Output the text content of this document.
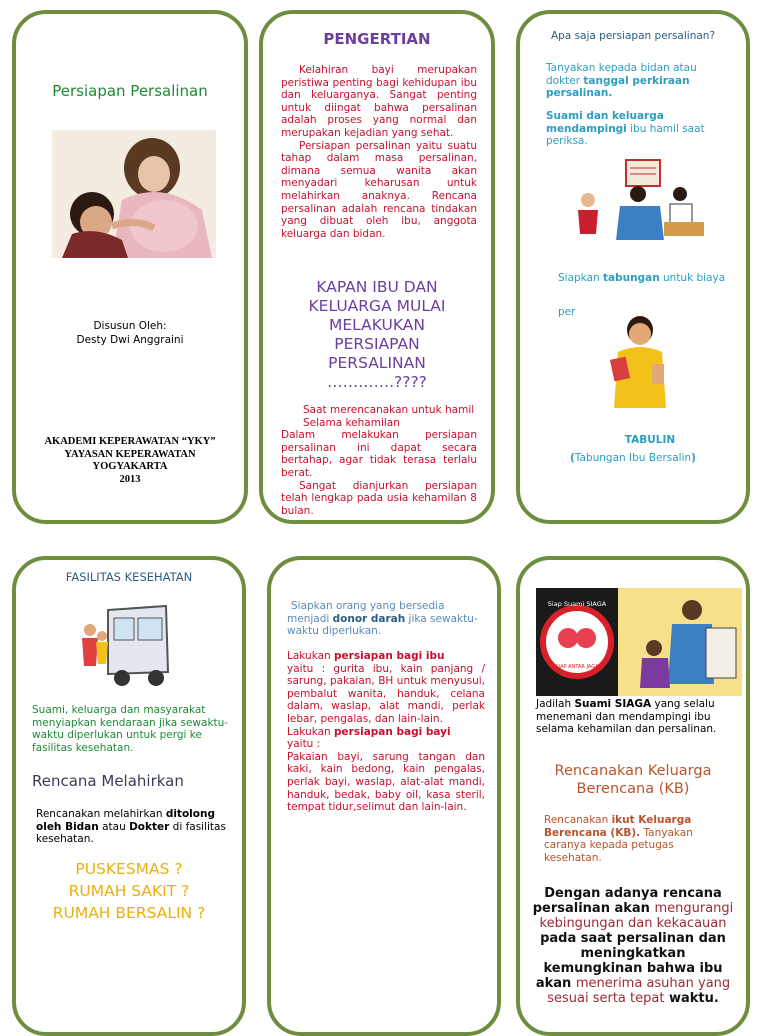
Persiapan Persalinan
Disusun Oleh:
Desty Dwi Anggraini
AKADEMI KEPERAWATAN “YKY”
YAYASAN KEPERAWATAN
YOGYAKARTA
2013
PENGERTIAN

Kelahiran bayi merupakan peristiwa penting bagi kehidupan ibu dan keluarganya. Sangat penting untuk diingat bahwa persalinan adalah proses yang normal dan merupakan kejadian yang sehat.

Persiapan persalinan yaitu suatu tahap dalam masa persalinan, dimana semua wanita akan menyadari keharusan untuk melahirkan anaknya. Rencana persalinan adalah rencana tindakan yang dibuat oleh ibu, anggota keluarga dan bidan.

KAPAN IBU DAN
KELUARGA MULAI
MELAKUKAN
PERSIAPAN
PERSALINAN
………….????

Saat merencanakan untuk hamil

Selama kehamilan

Dalam melakukan persiapan persalinan ini dapat secara bertahap, agar tidak terasa terlalu berat.

Sangat dianjurkan persiapan telah lengkap pada usia kehamilan 8 bulan.

Apa saja persiapan persalinan?

Tanyakan kepada bidan atau dokter tanggal perkiraan persalinan.

Suami dan keluarga mendampingi ibu hamil saat periksa.

Siapkan tabungan untuk biaya

per

TABULIN
(Tabungan Ibu Bersalin)
FASILITAS KESEHATAN

Suami, keluarga dan masyarakat menyiapkan kendaraan jika sewaktu-waktu diperlukan untuk pergi ke fasilitas kesehatan.

Rencana Melahirkan

Rencanakan melahirkan ditolong oleh Bidan atau Dokter di fasilitas kesehatan.

PUSKESMAS ?
RUMAH SAKIT ?
RUMAH BERSALIN ?

Siapkan orang yang bersedia menjadi donor darah jika sewaktu-waktu diperlukan.

Lakukan persiapan bagi ibu

yaitu : gurita ibu, kain panjang / sarung, pakaian, BH untuk menyusui, pembalut wanita, handuk, celana dalam, waslap, alat mandi, perlak lebar, pengalas, dan lain-lain.

Lakukan persiapan bagi bayi

yaitu :

Pakaian bayi, sarung tangan dan kaki, kain bedong, kain pengalas, perlak bayi, waslap, alat-alat mandi, handuk, bedak, baby oil, kasa steril, tempat tidur,selimut dan lain-lain.

Siap Suami SIAGA
SIAP ANTAR JAGA

Jadilah Suami SIAGA yang selalu menemani dan mendampingi ibu selama kehamilan dan persalinan.

Rencanakan Keluarga
Berencana (KB)

Rencanakan ikut Keluarga Berencana (KB). Tanyakan caranya kepada petugas kesehatan.

Dengan adanya rencana persalinan akan mengurangi kebingungan dan kekacauan pada saat persalinan dan meningkatkan kemungkinan bahwa ibu akan menerima asuhan yang sesuai serta tepat waktu.
